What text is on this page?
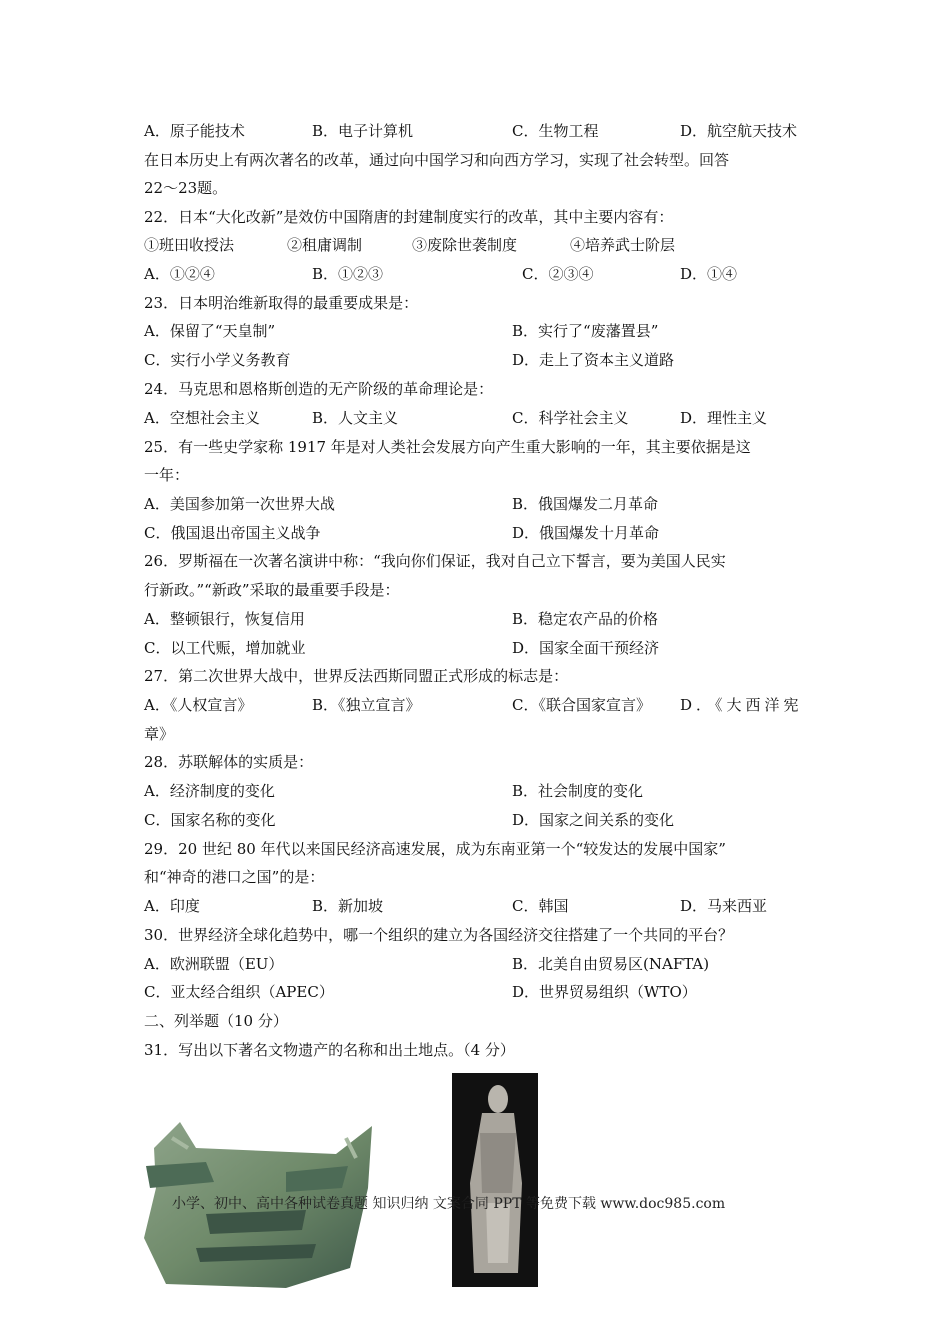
A．原子能技术	B．电子计算机	C．生物工程	D．航空航天技术
在日本历史上有两次著名的改革，通过向中国学习和向西方学习，实现了社会转型。回答
22～23题。
22．日本“大化改新”是效仿中国隋唐的封建制度实行的改革，其中主要内容有：
①班田收授法	②租庸调制	③废除世袭制度	④培养武士阶层
A．①②④	B．①②③	C．②③④	D．①④
23．日本明治维新取得的最重要成果是：
A．保留了“天皇制”	B．实行了“废藩置县”
C．实行小学义务教育	D．走上了资本主义道路
24．马克思和恩格斯创造的无产阶级的革命理论是：
A．空想社会主义	B．人文主义	C．科学社会主义	D．理性主义
25．有一些史学家称 1917 年是对人类社会发展方向产生重大影响的一年，其主要依据是这
一年：
A．美国参加第一次世界大战	B．俄国爆发二月革命
C．俄国退出帝国主义战争	D．俄国爆发十月革命
26．罗斯福在一次著名演讲中称：“我向你们保证，我对自己立下誓言，要为美国人民实
行新政。”“新政”采取的最重要手段是：
A．整顿银行，恢复信用	B．稳定农产品的价格
C．以工代赈，增加就业	D．国家全面干预经济
27．第二次世界大战中，世界反法西斯同盟正式形成的标志是：
A．《人权宣言》	B．《独立宣言》	C．《联合国家宣言》 D．《大西洋宪
章》
28．苏联解体的实质是：
A．经济制度的变化	B．社会制度的变化
C．国家名称的变化	D．国家之间关系的变化
29．20 世纪 80 年代以来国民经济高速发展，成为东南亚第一个“较发达的发展中国家”
和“神奇的港口之国”的是：
A．印度	B．新加坡	C．韩国	D．马来西亚
30．世界经济全球化趋势中，哪一个组织的建立为各国经济交往搭建了一个共同的平台？
A．欧洲联盟（EU）	B．北美自由贸易区(NAFTA)
C．亚太经合组织（APEC）	D．世界贸易组织（WTO）
二、列举题（10 分）
31．写出以下著名文物遗产的名称和出土地点。（4 分）
小学、初中、高中各种试卷真题 知识归纳 文案合同 PPT 等免费下载 www.doc985.com
